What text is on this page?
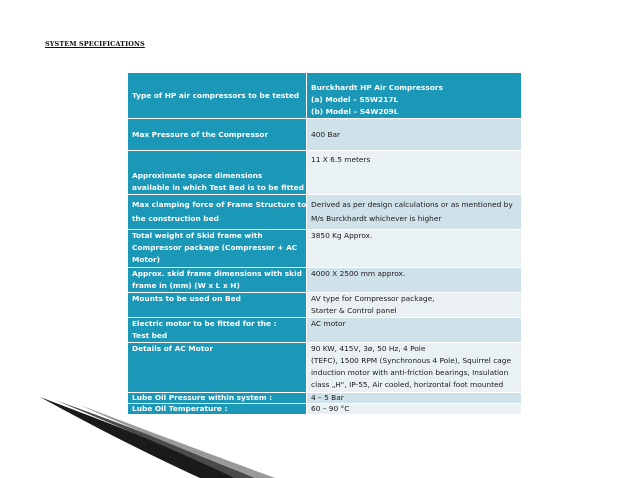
SYSTEM SPECIFICATIONS
Type of HP air compressors to be tested	Burckhardt HP Air Compressors
(a) Model – S5W217L
(b) Model – S4W209L

Max Pressure of the Compressor	400 Bar

Approximate space dimensions
available in which Test Bed is to be fitted	11 X 6.5 meters

Max clamping force of Frame Structure to
the construction bed	Derived as per design calculations or as mentioned by
M/s Burckhardt whichever is higher

Total weight of Skid frame with
Compressor package (Compressor + AC
Motor)	3850 Kg Approx.

Approx. skid frame dimensions with skid
frame in (mm) (W x L x H)	4000 X 2500 mm approx.

Mounts to be used on Bed	AV type for Compressor package,
Starter & Control panel

Electric motor to be fitted for the :
Test bed	AC motor

Details of AC Motor	90 KW, 415V, 3ø, 50 Hz, 4 Pole
(TEFC), 1500 RPM (Synchronous 4 Pole), Squirrel cage
induction motor with anti-friction bearings, Insulation
class „H“, IP-55, Air cooled, horizontal foot mounted

Lube Oil Pressure within system :	4 – 5 Bar

Lube Oil Temperature :	60 – 90 °C
